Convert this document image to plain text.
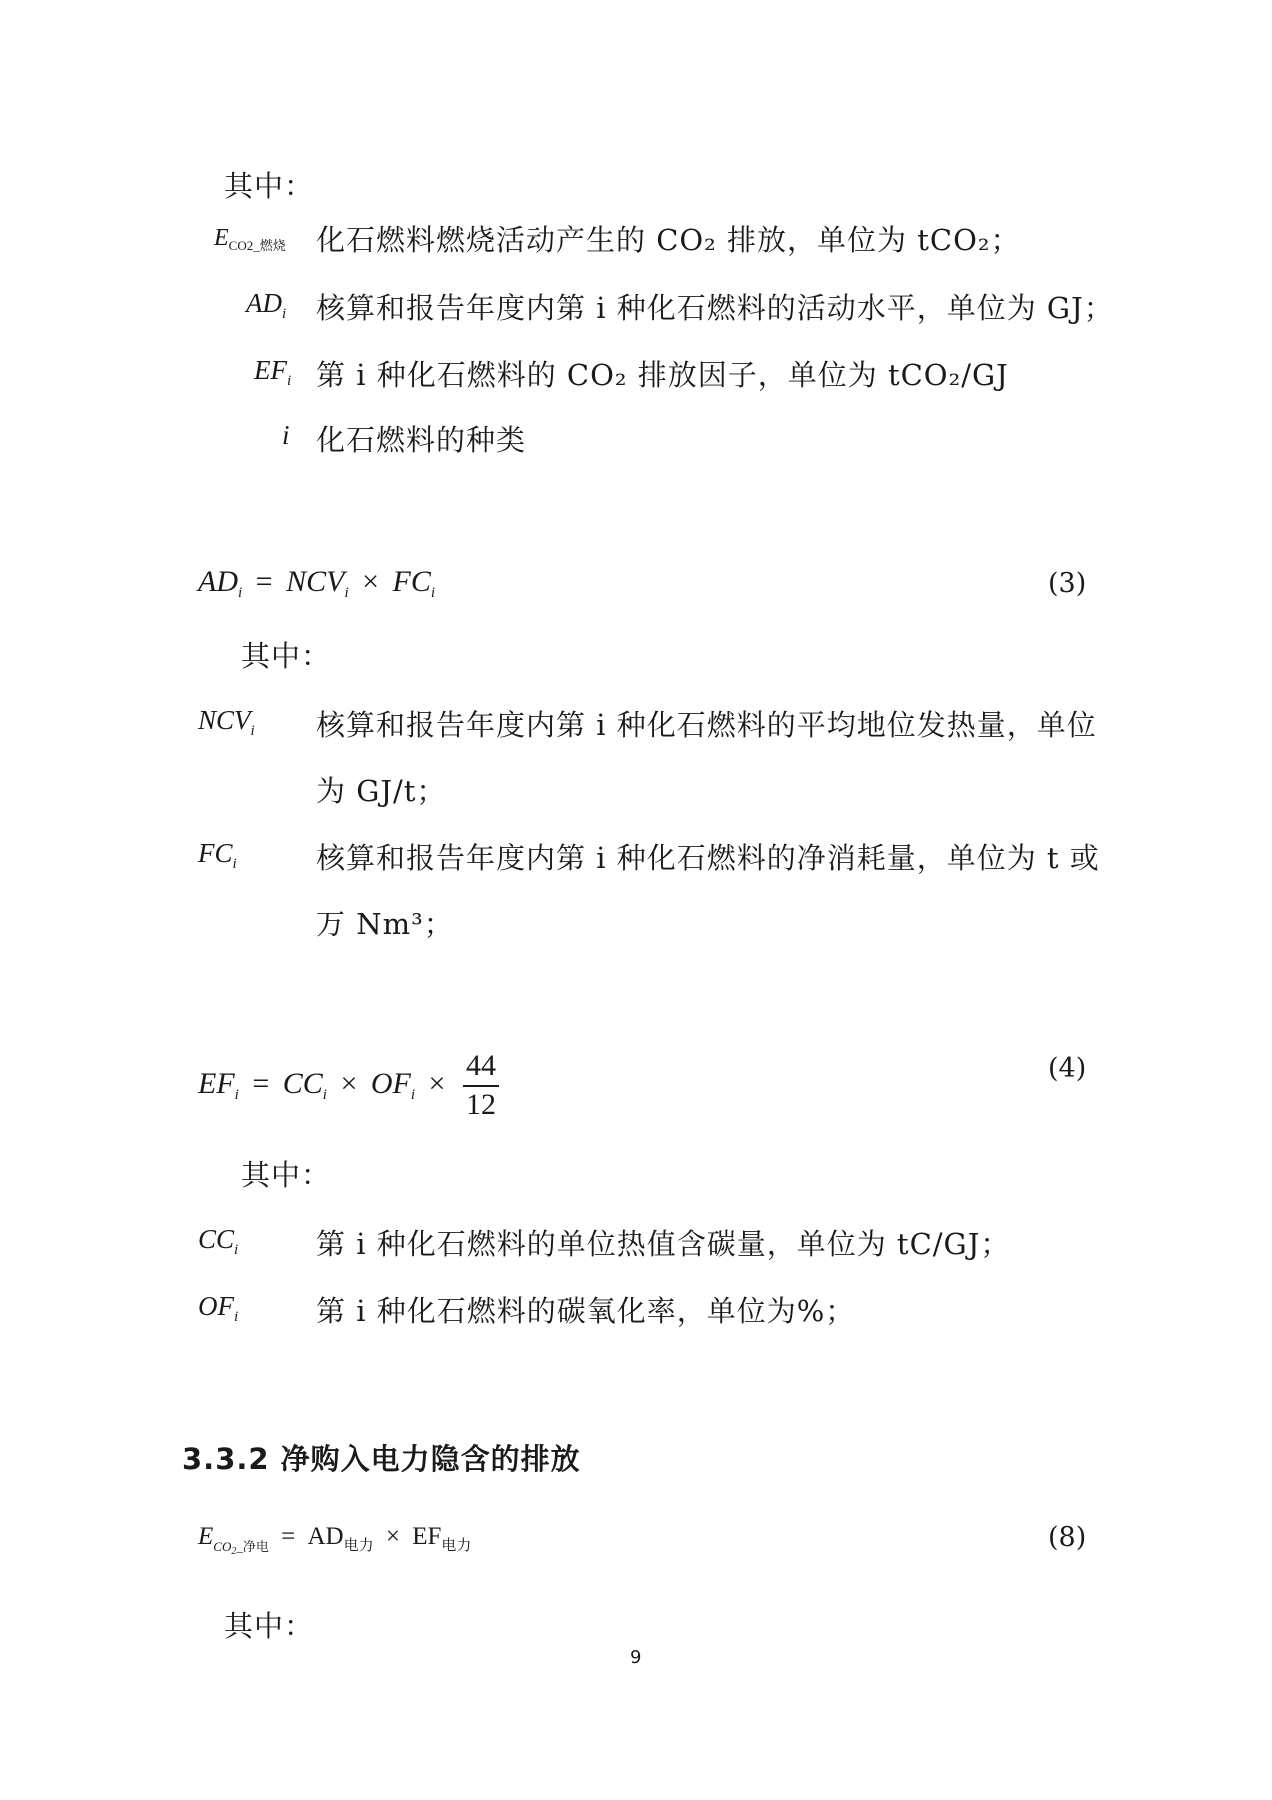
其中：
$E_{CO2\_燃烧}$ 化石燃料燃烧活动产生的 CO₂ 排放，单位为 tCO₂；
$AD_i$ 核算和报告年度内第 i 种化石燃料的活动水平，单位为 GJ；
$EF_i$ 第 i 种化石燃料的 CO₂ 排放因子，单位为 tCO₂/GJ
i 化石燃料的种类
$AD_i = NCV_i \times FC_i$	(3)
其中：
$NCV_i$ 核算和报告年度内第 i 种化石燃料的平均地位发热量，单位
为 GJ/t；
$FC_i$	核算和报告年度内第 i 种化石燃料的净消耗量，单位为 t 或
万 Nm³；
$EF_i = CC_i \times OF_i \times \frac{44}{12}$	(4)
其中：
$CC_i$	第 i 种化石燃料的单位热值含碳量，单位为 tC/GJ；
$OF_i$	第 i 种化石燃料的碳氧化率，单位为%；
3.3.2 净购入电力隐含的排放
$E_{CO_2\_净电} = AD_{电力} \times EF_{电力}$	(8)
其中：
9
